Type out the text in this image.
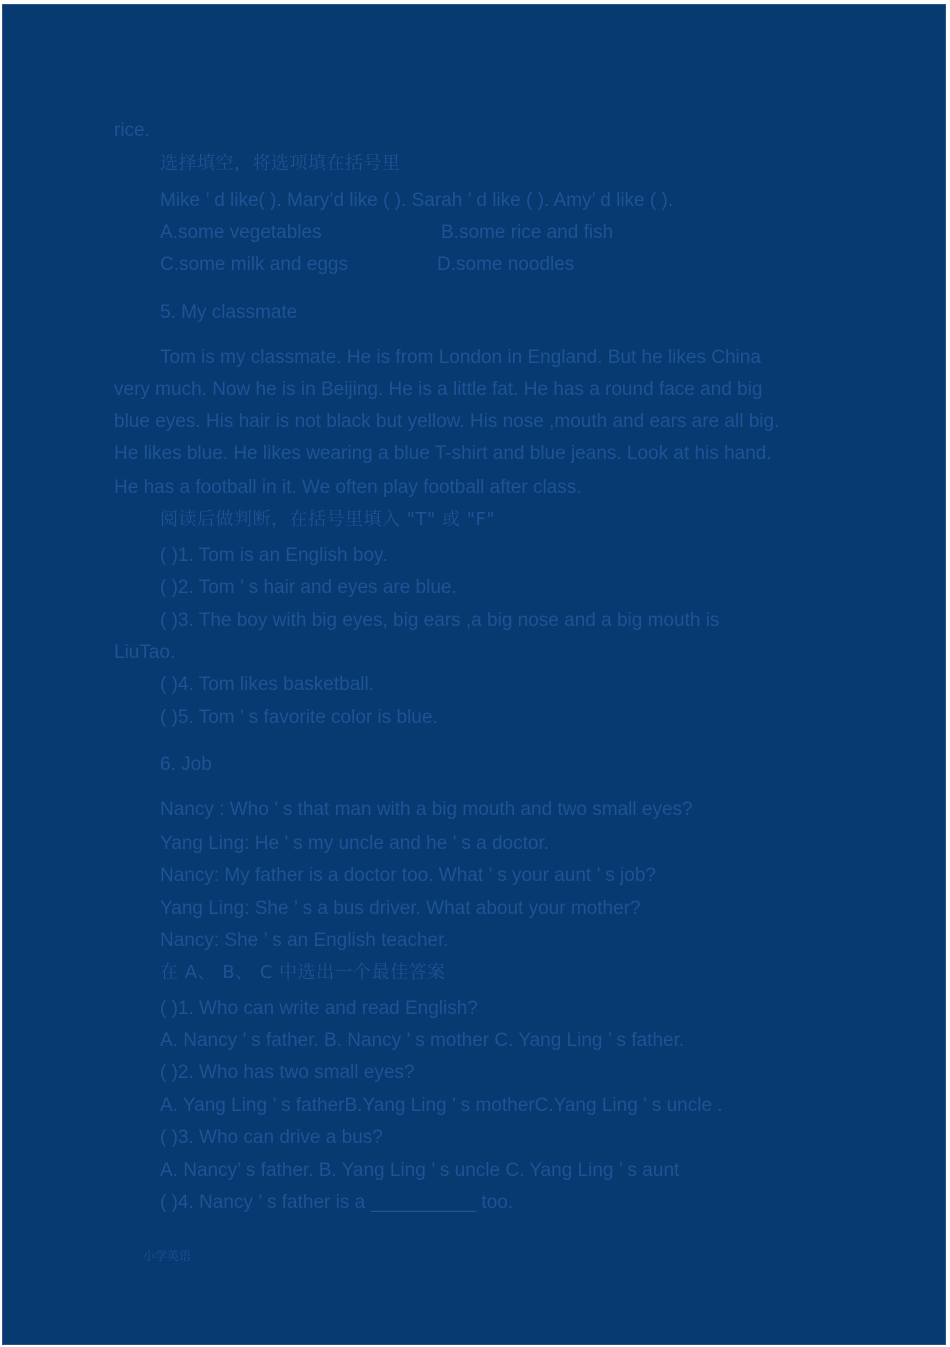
rice.
选择填空，将选项填在括号里
Mike ’ d like( ). Mary’d like ( ). Sarah ’ d like ( ). Amy’ d like ( ).
A.some vegetables	B.some rice and fish
C.some milk and eggs	D.some noodles
5. My classmate
Tom is my classmate. He is from London in England. But he likes China
very much. Now he is in Beijing. He is a little fat. He has a round face and big
blue eyes. His hair is not black but yellow. His nose ,mouth and ears are all big.
He likes blue. He likes wearing a blue T-shirt and blue jeans. Look at his hand.
He has a football in it. We often play football after class.
阅读后做判断，在括号里填入 "T" 或 "F"
( )1. Tom is an English boy.
( )2. Tom ’ s hair and eyes are blue.
( )3. The boy with big eyes, big ears ,a big nose and a big mouth is
LiuTao.
( )4. Tom likes basketball.
( )5. Tom ’ s favorite color is blue.
6. Job
Nancy : Who ’ s that man with a big mouth and two small eyes?
Yang Ling: He ’ s my uncle and he ’ s a doctor.
Nancy: My father is a doctor too. What ’ s your aunt ’ s job?
Yang Ling: She ’ s a bus driver. What about your mother?
Nancy: She ’ s an English teacher.
在 A、 B、 C 中选出一个最佳答案
( )1. Who can write and read English?
A. Nancy ’ s father. B. Nancy ’ s mother C. Yang Ling ’ s father.
( )2. Who has two small eyes?
A. Yang Ling ’ s fatherB.Yang Ling ’ s motherC.Yang Ling ’ s uncle .
( )3. Who can drive a bus?
A. Nancy’ s father. B. Yang Ling ’ s uncle C. Yang Ling ’ s aunt
( )4. Nancy ’ s father is a __________ too.
小学英语
